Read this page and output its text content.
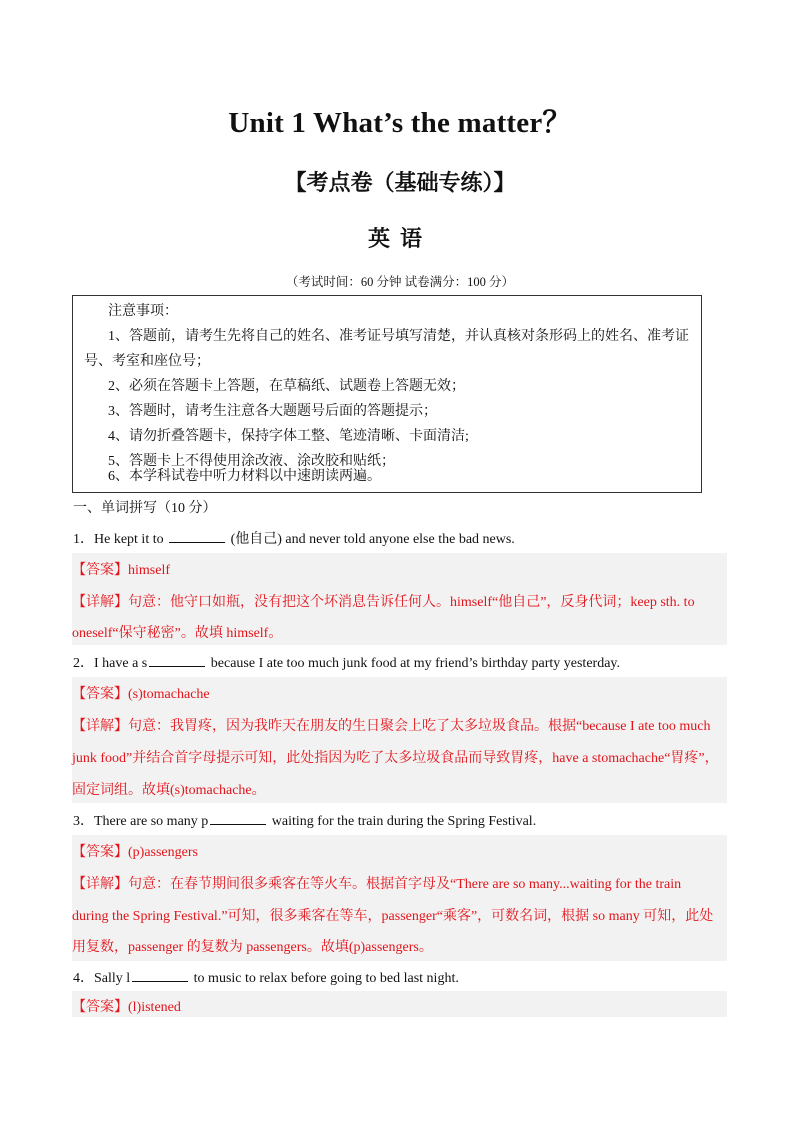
Unit 1 What’s the matter？
【考点卷（基础专练）】
英语
（考试时间：60 分钟 试卷满分：100 分）
注意事项：
1、答题前，请考生先将自己的姓名、准考证号填写清楚，并认真核对条形码上的姓名、准考证号、考室和座位号；
2、必须在答题卡上答题，在草稿纸、试题卷上答题无效；
3、答题时，请考生注意各大题题号后面的答题提示；
4、请勿折叠答题卡，保持字体工整、笔迹清晰、卡面清洁;
5、答题卡上不得使用涂改液、涂改胶和贴纸；
6、本学科试卷中听力材料以中速朗读两遍。
一、单词拼写（10 分）
1．He kept it to	(他自己) and never told anyone else the bad news.
【答案】himself
【详解】句意：他守口如瓶，没有把这个坏消息告诉任何人。himself“他自己”，反身代词；keep sth. to
oneself“保守秘密”。故填 himself。
2．I have a s	because I ate too much junk food at my friend’s birthday party yesterday.
【答案】(s)tomachache
【详解】句意：我胃疼，因为我昨天在朋友的生日聚会上吃了太多垃圾食品。根据“because I ate too much
junk food”并结合首字母提示可知，此处指因为吃了太多垃圾食品而导致胃疼，have a stomachache“胃疼”，
固定词组。故填(s)tomachache。
3．There are so many p	waiting for the train during the Spring Festival.
【答案】(p)assengers
【详解】句意：在春节期间很多乘客在等火车。根据首字母及“There are so many...waiting for the train
during the Spring Festival.”可知，很多乘客在等车，passenger“乘客”，可数名词，根据 so many 可知，此处
用复数，passenger 的复数为 passengers。故填(p)assengers。
4．Sally l	to music to relax before going to bed last night.
【答案】(l)istened
